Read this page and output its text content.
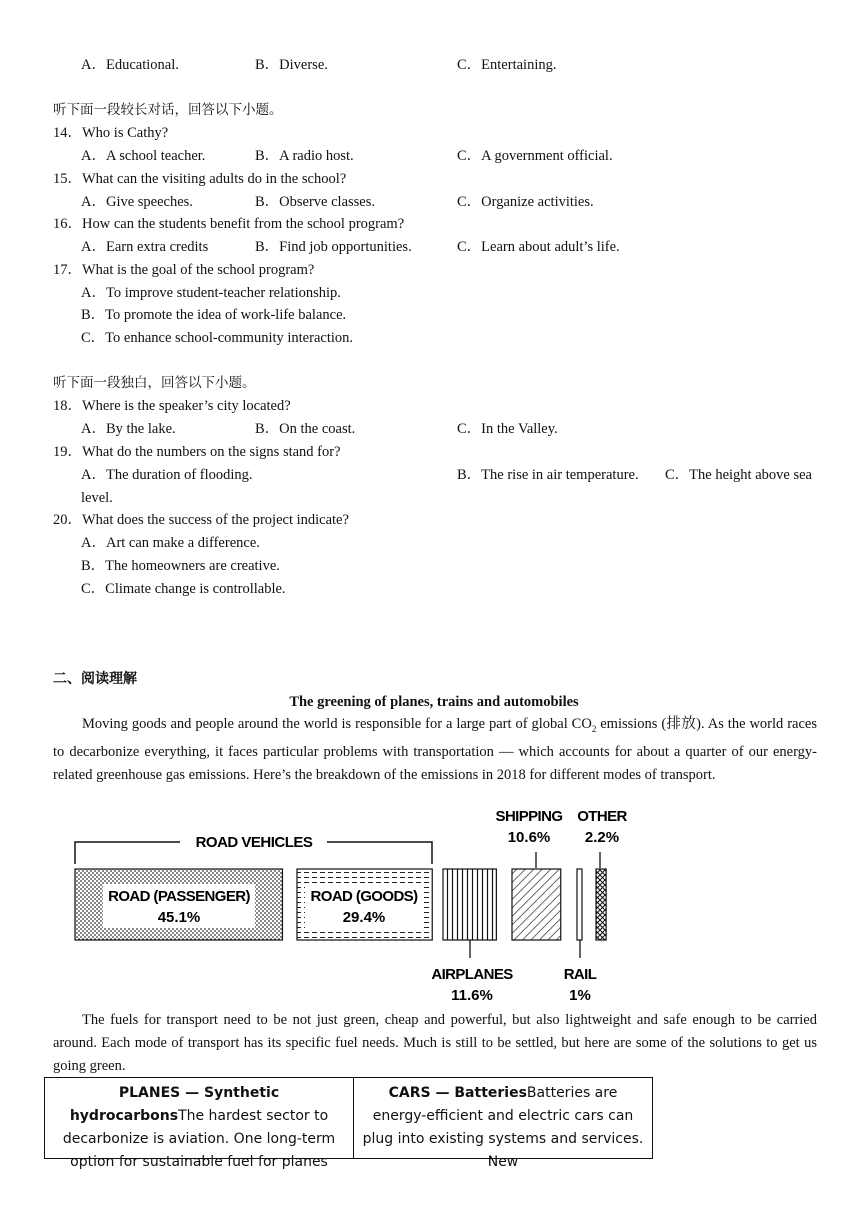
A．Educational.	B．Diverse.	C．Entertaining.
听下面一段较长对话，回答以下小题。
14．Who is Cathy?
A．A school teacher.	B．A radio host.	C．A government official.
15．What can the visiting adults do in the school?
A．Give speeches.	B．Observe classes.	C．Organize activities.
16．How can the students benefit from the school program?
A．Earn extra credits	B．Find job opportunities.	C．Learn about adult’s life.
17．What is the goal of the school program?
A．To improve student-teacher relationship.
B．To promote the idea of work-life balance.
C．To enhance school-community interaction.
听下面一段独白，回答以下小题。
18．Where is the speaker’s city located?
A．By the lake.	B．On the coast.	C．In the Valley.
19．What do the numbers on the signs stand for?
A．The duration of flooding.	B．The rise in air temperature. C．The height above sea
level.
20．What does the success of the project indicate?
A．Art can make a difference.
B．The homeowners are creative.
C．Climate change is controllable.
二、阅读理解
The greening of planes, trains and automobiles

Moving goods and people around the world is responsible for a large part of global $CO_2$ emissions (排放). As the world races to decarbonize everything, it faces particular problems with transportation — which accounts for about a quarter of our energy-related greenhouse gas emissions. Here’s the breakdown of the emissions in 2018 for different modes of transport.

ROAD VEHICLES
ROAD (PASSENGER)
45.1%
ROAD (GOODS)
29.4%
SHIPPING
10.6%
OTHER
2.2%
AIRPLANES
11.6%
RAIL
1%

The fuels for transport need to be not just green, cheap and powerful, but also lightweight and safe enough to be carried around. Each mode of transport has its specific fuel needs. Much is still to be settled, but here are some of the solutions to get us going green.

PLANES — Synthetic hydrocarbonsThe hardest sector to decarbonize is aviation. One long-term option for sustainable fuel for planes
CARS — BatteriesBatteries are energy-efficient and electric cars can plug into existing systems and services. New
